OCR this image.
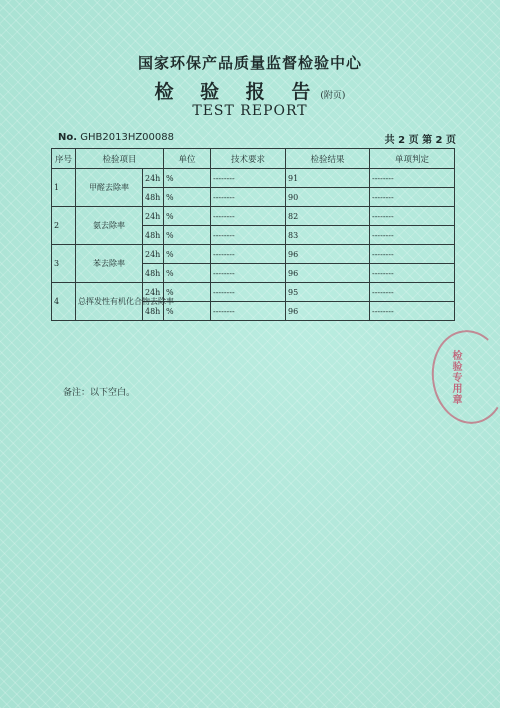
国家环保产品质量监督检验中心
检 验 报 告(附页)
TEST REPORT
No. GHB2013HZ00088	共 2 页 第 2 页
序号	检验项目		单位	技术要求	检验结果	单项判定
1	甲醛去除率	24h	%	--------	91	--------
		48h	%	--------	90	--------
2	氨去除率	24h	%	--------	82	--------
		48h	%	--------	83	--------
3	苯去除率	24h	%	--------	96	--------
		48h	%	--------	96	--------
4	总挥发性有机化合物去除率	24h	%	--------	95	--------
		48h	%	--------	96	--------
备注：以下空白。	检验专用章
